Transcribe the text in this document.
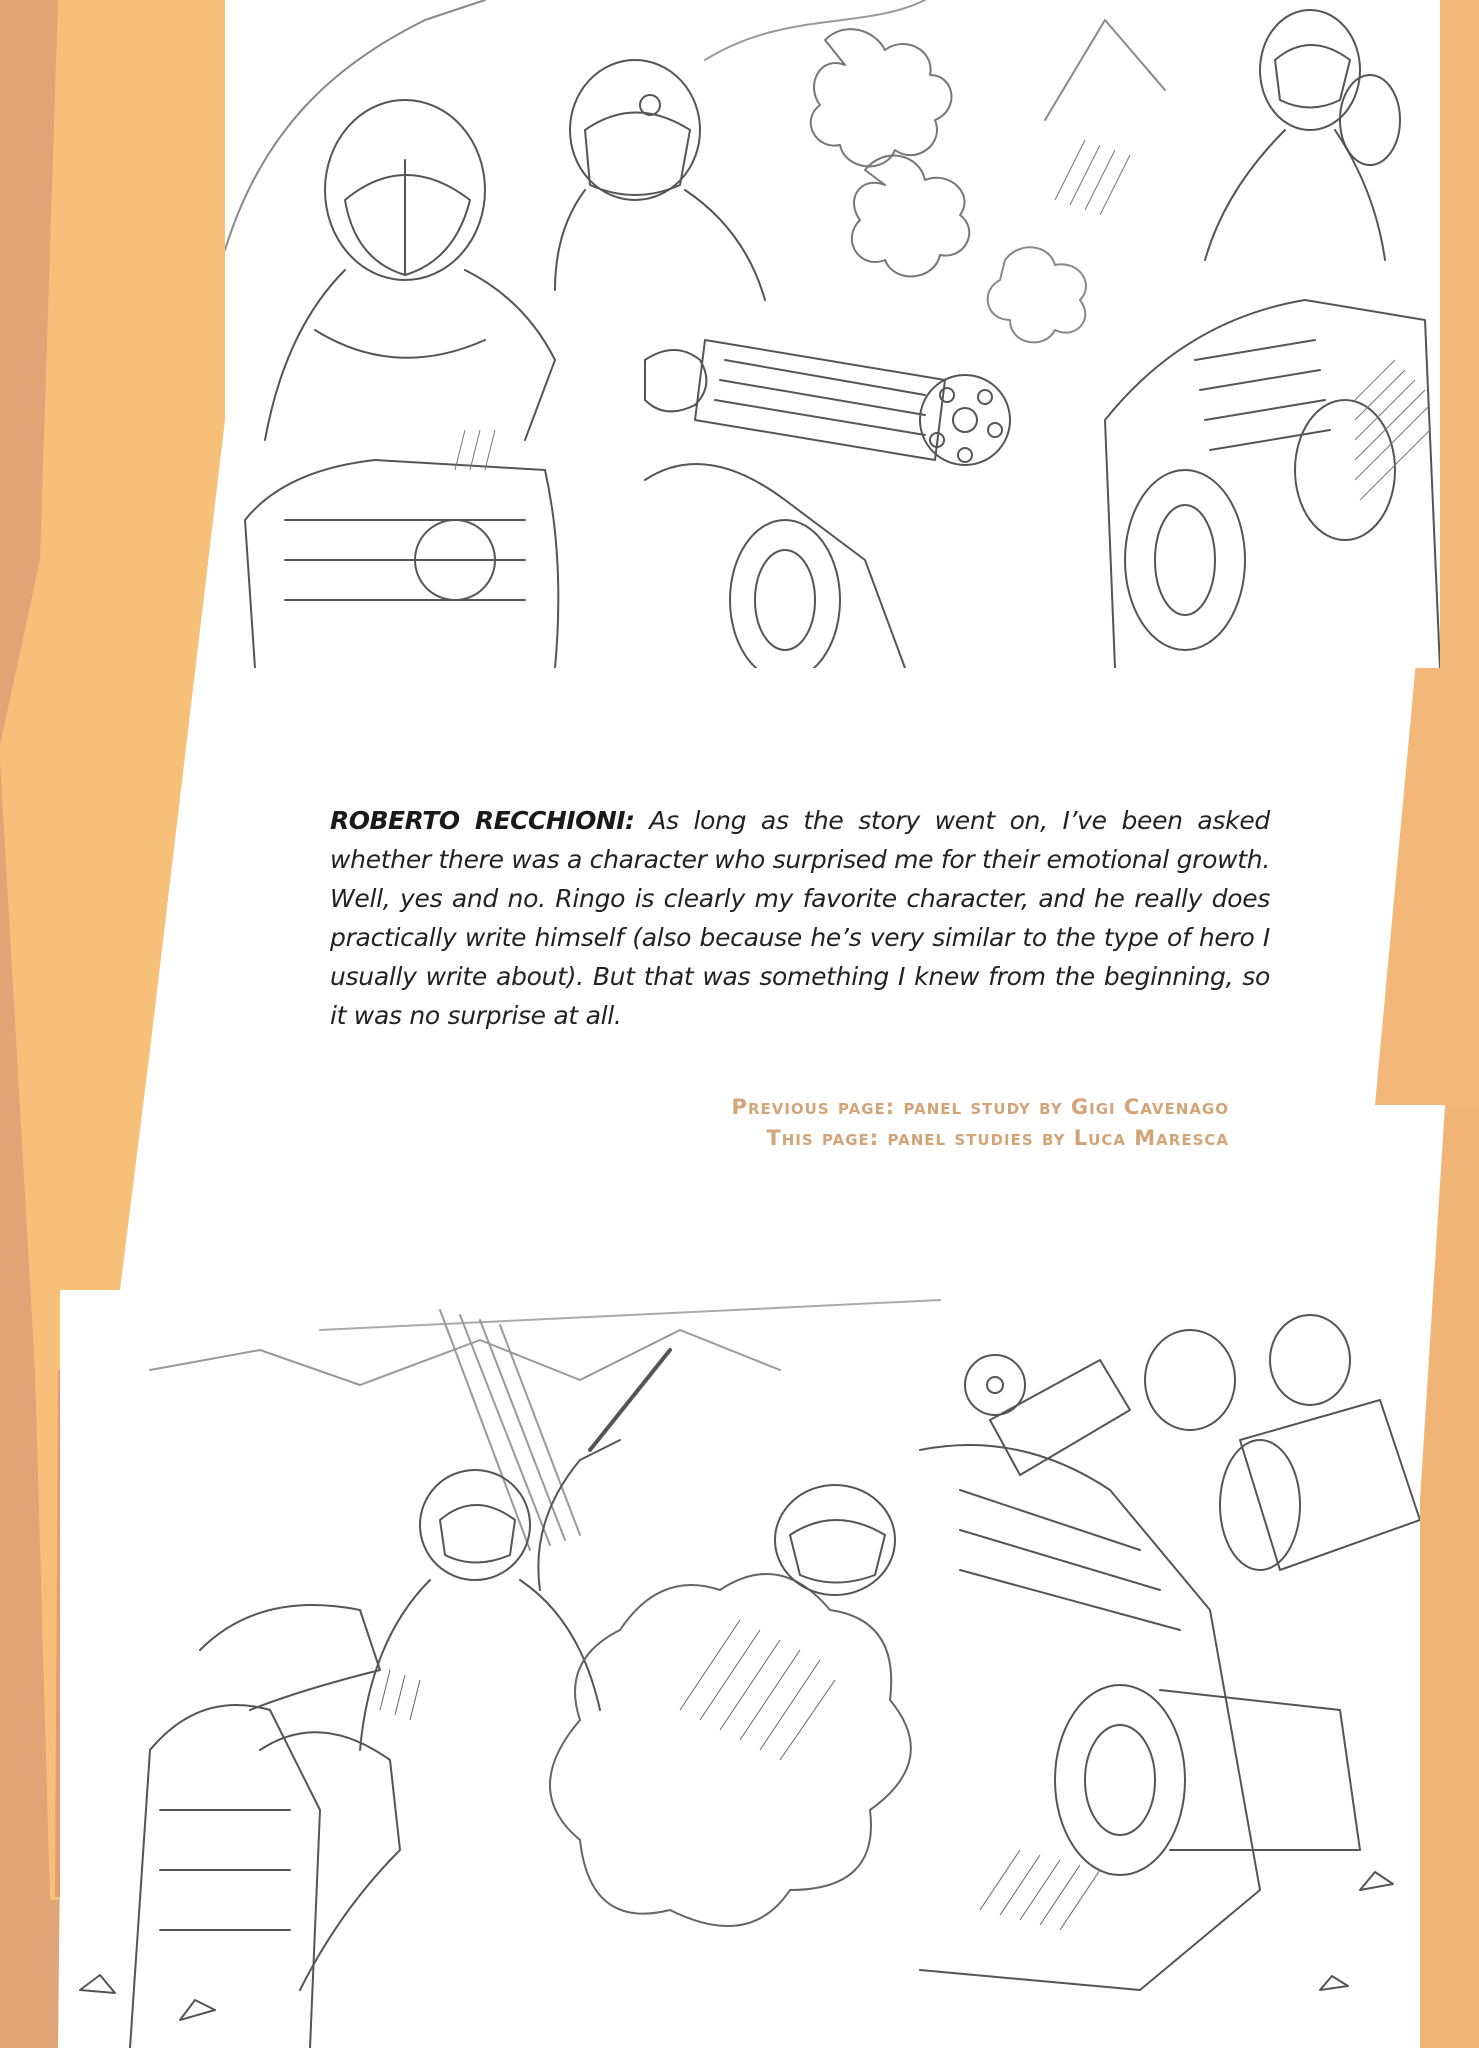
ROBERTO RECCHIONI: As long as the story went on, I’ve been asked whether there was a character who surprised me for their emotional growth. Well, yes and no. Ringo is clearly my favorite character, and he really does practically write himself (also because he’s very similar to the type of hero I usually write about). But that was something I knew from the beginning, so it was no surprise at all.

Previous page: panel study by Gigi Cavenago
This page: panel studies by Luca Maresca
